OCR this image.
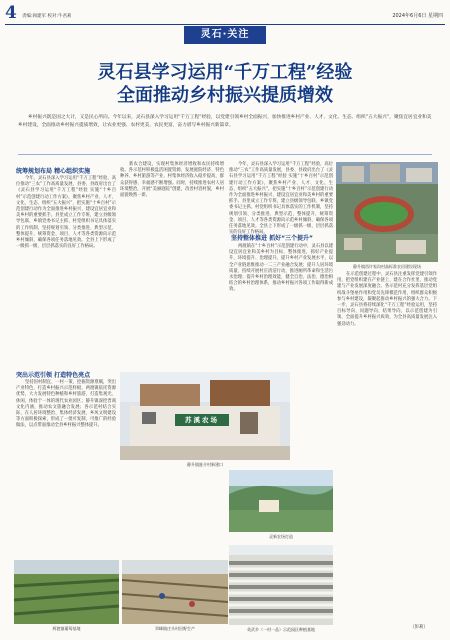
4 责编:阎建军 校对:牛君莉	2024年6月6日 星期四
灵石·关注
灵石县学习运用“千万工程”经验
全面推动乡村振兴提质增效
乡村振兴既是国之大计，又是民心所向。今年以来，灵石县深入学习运用“千万工程”经验，以党建引领乡村全面振兴，加快推进乡村产业、人才、文化、生态、组织“五大振兴”，聚焦宜居宜业和美乡村建设，全面推动乡村振兴提质增效，让农业更强、农村更美、农民更富，奋力谱写乡村振兴新篇章。
统筹规划布局 精心组织实施

今年，灵石县深入学习运用“千万工程”经验，高位推动“三农”工作高质量发展，县委、县政府出台了《灵石县学习运用“千万工程”经验 实施“十乡百村”示范创建行动工作方案》，聚焦乡村产业、人才、文化、生态、组织“五大振兴”，把实施“十乡百村”示范创建行动作为全面推进乡村振兴、建设宜居宜业和美乡村的重要抓手。县里成立工作专班，建立县级领导包联、乡镇党委书记主抓、村党组织书记具体落实的工作机制，坚持规划引领、分类推进、典型示范、整体提升，统筹资金、项目、人才等各类资源向示范乡村倾斜，确保各项任务落地见效。全县上下形成了一级抓一级、层层抓落实的良好工作格局。

突出示范引领 打造特色亮点

坚持因村制宜、一村一策，挖掘资源禀赋，突出产业特色，打造乡村振兴示范样板。两渡镇依托资源优势，大力发展特色种植和乡村旅游，打造集观光、休闲、体验于一体的现代农业园区；静升镇深挖晋商文化内涵，推动农文旅融合发展；各示范村结合实际，在人居环境整治、集体经济发展、乡风文明建设等方面积极探索，形成了一批可复制、可推广的经验做法，以点带面推动全县乡村振兴整体提升。

新农合建设，实现村集体经济增收和农民持续增收。各示范村积极盘活闲置资源，发展庭院经济、特色种养、乡村旅游等产业，村集体经济收入稳步提高，群众获得感、幸福感不断增强。同时，持续推进农村人居环境整治，开展“美丽庭院”创建，改善村容村貌，乡村面貌焕然一新。

今年，灵石县深入学习运用“千万工程”经验，高位推动“三农”工作高质量发展，县委、县政府出台了《灵石县学习运用“千万工程”经验 实施“十乡百村”示范创建行动工作方案》，聚焦乡村产业、人才、文化、生态、组织“五大振兴”，把实施“十乡百村”示范创建行动作为全面推进乡村振兴、建设宜居宜业和美乡村的重要抓手。县里成立工作专班，建立县级领导包联、乡镇党委书记主抓、村党组织书记具体落实的工作机制，坚持规划引领、分类推进、典型示范、整体提升，统筹资金、项目、人才等各类资源向示范乡村倾斜，确保各项任务落地见效。全县上下形成了一级抓一级、层层抓落实的良好工作格局。

坚持整体推进 抓好“三个提升”

两渡镇在“十乡百村”示范创建行动中，灵石县以建设宜居宜业和美乡村为目标，整体推进，抓好产业提升、环境提升、治理提升。提升乡村产业发展水平，以全产业链思维推动一二三产业融合发展；提升人居环境质量，持续开展村庄清洁行动，推进厕所革命和生活污水治理；提升乡村治理效能，健全自治、法治、德治相结合的乡村治理体系，推动乡村振兴各项工作取得新成效。

在示范创建过程中，灵石县注重发挥党建引领作用，把党组织建在产业链上、建在合作社里，推动党建与产业发展深度融合。各示范村充分发挥基层党组织战斗堡垒作用和党员先锋模范作用，组织群众积极参与乡村建设，凝聚起推动乡村振兴的强大合力。下一步，灵石县将持续深化“千万工程”经验运用，坚持目标导向、问题导向、结果导向，以示范创建为引领，全面提升乡村振兴质效，为全县高质量发展注入强劲动力。

（彭莉）
静升镇西许家沟村高标准农田建设现场
苏溪农场
静升镇旌介村新建口
灵新农场打造
两渡镇葡萄基地	翠峰镇庄头村田野生产	英武乡（一村一品）示范园区种植基地
